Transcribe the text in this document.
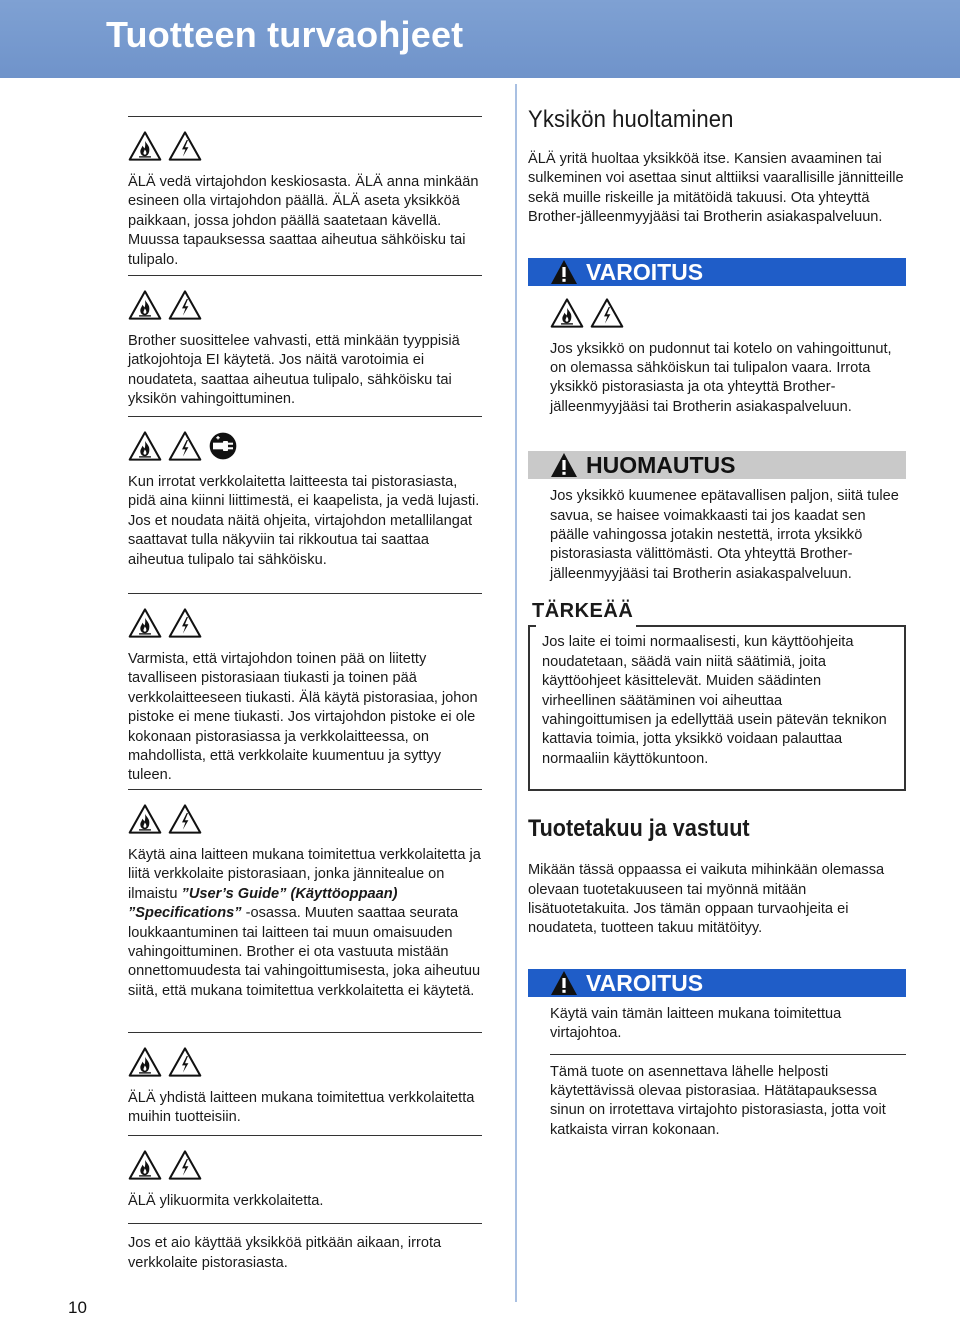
Tuotteen turvaohjeet

ÄLÄ vedä virtajohdon keskiosasta. ÄLÄ anna minkään esineen olla virtajohdon päällä. ÄLÄ aseta yksikköä paikkaan, jossa johdon päällä saatetaan kävellä. Muussa tapauksessa saattaa aiheutua sähköisku tai tulipalo.

Brother suosittelee vahvasti, että minkään tyyppisiä jatkojohtoja EI käytetä. Jos näitä varotoimia ei noudateta, saattaa aiheutua tulipalo, sähköisku tai yksikön vahingoittuminen.

Kun irrotat verkkolaitetta laitteesta tai pistorasiasta, pidä aina kiinni liittimestä, ei kaapelista, ja vedä lujasti. Jos et noudata näitä ohjeita, virtajohdon metallilangat saattavat tulla näkyviin tai rikkoutua tai saattaa aiheutua tulipalo tai sähköisku.

Varmista, että virtajohdon toinen pää on liitetty tavalliseen pistorasiaan tiukasti ja toinen pää verkkolaitteeseen tiukasti. Älä käytä pistorasiaa, johon pistoke ei mene tiukasti. Jos virtajohdon pistoke ei ole kokonaan pistorasiassa ja verkkolaitteessa, on mahdollista, että verkkolaite kuumentuu ja syttyy tuleen.

Käytä aina laitteen mukana toimitettua verkkolaitetta ja liitä verkkolaite pistorasiaan, jonka jännitealue on ilmaistu ”User’s Guide” (Käyttöoppaan) ”Specifications” -osassa. Muuten saattaa seurata loukkaantuminen tai laitteen tai muun omaisuuden vahingoittuminen. Brother ei ota vastuuta mistään onnettomuudesta tai vahingoittumisesta, joka aiheutuu siitä, että mukana toimitettua verkkolaitetta ei käytetä.

ÄLÄ yhdistä laitteen mukana toimitettua verkkolaitetta muihin tuotteisiin.

ÄLÄ ylikuormita verkkolaitetta.

Jos et aio käyttää yksikköä pitkään aikaan, irrota verkkolaite pistorasiasta.

Yksikön huoltaminen

ÄLÄ yritä huoltaa yksikköä itse. Kansien avaaminen tai sulkeminen voi asettaa sinut alttiiksi vaarallisille jännitteille sekä muille riskeille ja mitätöidä takuusi. Ota yhteyttä Brother-jälleenmyyjääsi tai Brotherin asiakaspalveluun.

VAROITUS

Jos yksikkö on pudonnut tai kotelo on vahingoittunut, on olemassa sähköiskun tai tulipalon vaara. Irrota yksikkö pistorasiasta ja ota yhteyttä Brother-jälleenmyyjääsi tai Brotherin asiakaspalveluun.

HUOMAUTUS

Jos yksikkö kuumenee epätavallisen paljon, siitä tulee savua, se haisee voimakkaasti tai jos kaadat sen päälle vahingossa jotakin nestettä, irrota yksikkö pistorasiasta välittömästi. Ota yhteyttä Brother-jälleenmyyjääsi tai Brotherin asiakaspalveluun.

TÄRKEÄÄ

Jos laite ei toimi normaalisesti, kun käyttöohjeita noudatetaan, säädä vain niitä säätimiä, joita käyttöohjeet käsittelevät. Muiden säädinten virheellinen säätäminen voi aiheuttaa vahingoittumisen ja edellyttää usein pätevän teknikon kattavia toimia, jotta yksikkö voidaan palauttaa normaaliin käyttökuntoon.

Tuotetakuu ja vastuut

Mikään tässä oppaassa ei vaikuta mihinkään olemassa olevaan tuotetakuuseen tai myönnä mitään lisätuotetakuita. Jos tämän oppaan turvaohjeita ei noudateta, tuotteen takuu mitätöityy.

VAROITUS

Käytä vain tämän laitteen mukana toimitettua virtajohtoa.

Tämä tuote on asennettava lähelle helposti käytettävissä olevaa pistorasiaa. Hätätapauksessa sinun on irrotettava virtajohto pistorasiasta, jotta voit katkaista virran kokonaan.

10
